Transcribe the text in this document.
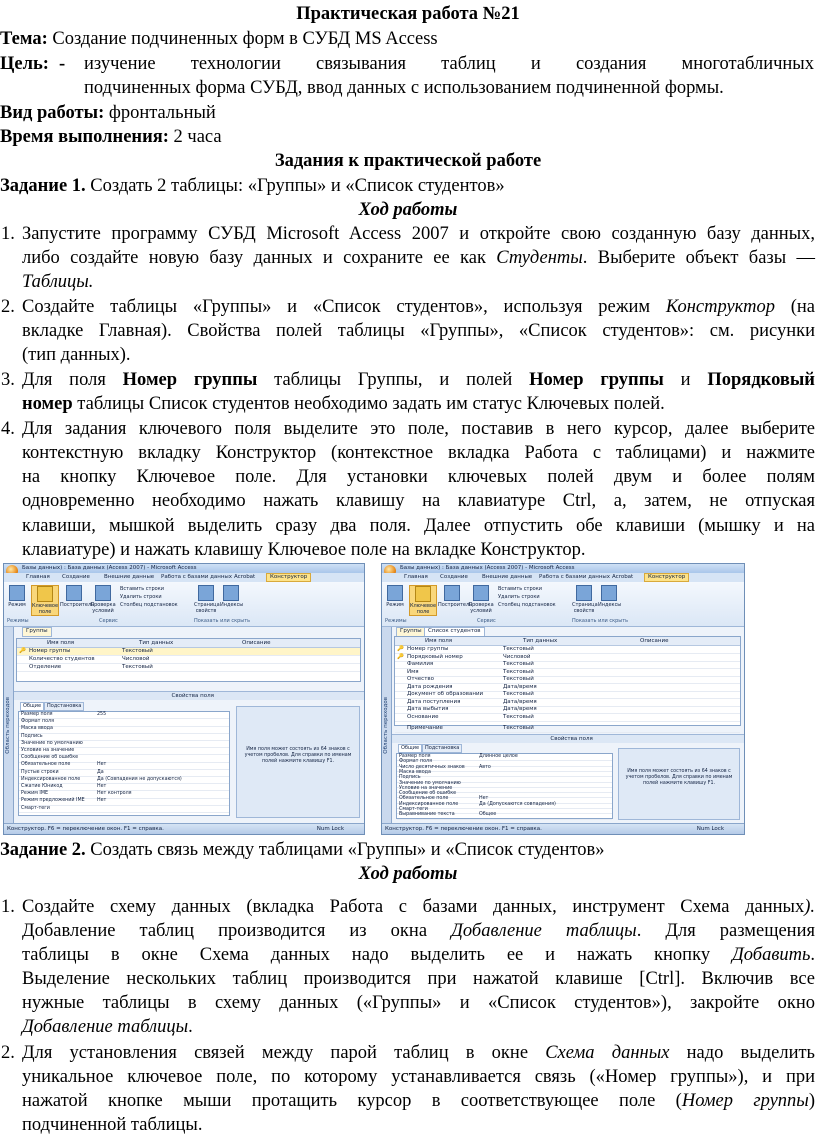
Практическая работа №21
Тема: Создание подчиненных форм в СУБД MS Access
Цель: - изучение технологии связывания таблиц и создания многотабличных
подчиненных форма СУБД, ввод данных с использованием подчиненной формы.
Вид работы: фронтальный
Время выполнения: 2 часа
Задания к практической работе
Задание 1. Создать 2 таблицы: «Группы» и «Список студентов»
Ход работы
1. Запустите программу СУБД Microsoft Access 2007 и откройте свою созданную базу данных,
либо создайте новую базу данных и сохраните ее как Студенты. Выберите объект базы —
Таблицы.
2. Создайте таблицы «Группы» и «Список студентов», используя режим Конструктор (на
вкладке Главная). Свойства полей таблицы «Группы», «Список студентов»: см. рисунки
(тип данных).
3. Для поля Номер группы таблицы Группы, и полей Номер группы и Порядковый
номер таблицы Список студентов необходимо задать им статус Ключевых полей.
4. Для задания ключевого поля выделите это поле, поставив в него курсор, далее выберите
контекстную вкладку Конструктор (контекстное вкладка Работа с таблицами) и нажмите
на кнопку Ключевое поле. Для установки ключевых полей двум и более полям
одновременно необходимо нажать клавишу на клавиатуре Ctrl, а, затем, не отпуская
клавиши, мышкой выделить сразу два поля. Далее отпустить обе клавиши (мышку и на
клавиатуре) и нажать клавишу Ключевое поле на вкладке Конструктор.
Базы данных) : База данных (Access 2007) - Microsoft Access
Главная Создание	Внешние данные Работа с базами данных Acrobat	Конструктор
Режим Ключевое поле
Построитель
Проверка условий
Вставить строки
Удалить строки
Столбец подстановок	Страница свойств
Индексы
Режимы	Сервис	Показать или скрыть
Область переходов
Группы
Имя поля	Тип данных	Описание
🔑 Номер группы	Текстовый
Количество студентов	Числовой
Отделение	Текстовый
Свойства поля
Общие	Подстановка
Размер поля	255
Формат поля
Маска ввода
Подпись
Значение по умолчанию
Условие на значение
Сообщение об ошибке
Обязательное поле	Нет
Пустые строки	Да
Индексированное поле	Да (Совпадения не допускаются)
Сжатие Юникод	Нет
Режим IME	Нет контроля
Режим предложений IME	Нет
Смарт-теги
Имя поля может состоять из 64 знаков с учетом пробелов. Для справки по именам полей нажмите клавишу F1.
Конструктор. F6 = переключение окон. F1 = справка.	Num Lock
Базы данных) : База данных (Access 2007) - Microsoft Access
Главная Создание	Внешние данные Работа с базами данных Acrobat	Конструктор
Режим Ключевое поле
Построитель
Проверка условий
Вставить строки
Удалить строки
Столбец подстановок	Страница свойств
Индексы
Режимы	Сервис	Показать или скрыть
Область переходов
Группы	Список студентов
Имя поля	Тип данных	Описание
🔑 Номер группы	Текстовый
🔑 Порядковый номер	Числовой
Фамилия	Текстовый
Имя	Текстовый
Отчество	Текстовый
Дата рождения	Дата/время
Документ об образовании	Текстовый
Дата поступления	Дата/время
Дата выбытия	Дата/время
Основание	Текстовый
Примечание	Текстовый
Свойства поля
Общие	Подстановка
Размер поля	Длинное целое
Формат поля
Число десятичных знаков	Авто
Маска ввода
Подпись
Значение по умолчанию
Условие на значение
Сообщение об ошибке
Обязательное поле	Нет
Индексированное поле	Да (Допускаются совпадения)
Смарт-теги
Выравнивание текста	Общее
Имя поля может состоять из 64 знаков с учетом пробелов. Для справки по именам полей нажмите клавишу F1.
Конструктор. F6 = переключение окон. F1 = справка.	Num Lock
Задание 2. Создать связь между таблицами «Группы» и «Список студентов»
Ход работы
1. Создайте схему данных (вкладка Работа с базами данных, инструмент Схема данных).
Добавление таблиц производится из окна Добавление таблицы. Для размещения
таблицы в окне Схема данных надо выделить ее и нажать кнопку Добавить.
Выделение нескольких таблиц производится при нажатой клавише [Ctrl]. Включив все
нужные таблицы в схему данных («Группы» и «Список студентов»), закройте окно
Добавление таблицы.
2. Для установления связей между парой таблиц в окне Схема данных надо выделить
уникальное ключевое поле, по которому устанавливается связь («Номер группы»), и при
нажатой кнопке мыши протащить курсор в соответствующее поле (Номер группы)
подчиненной таблицы.
